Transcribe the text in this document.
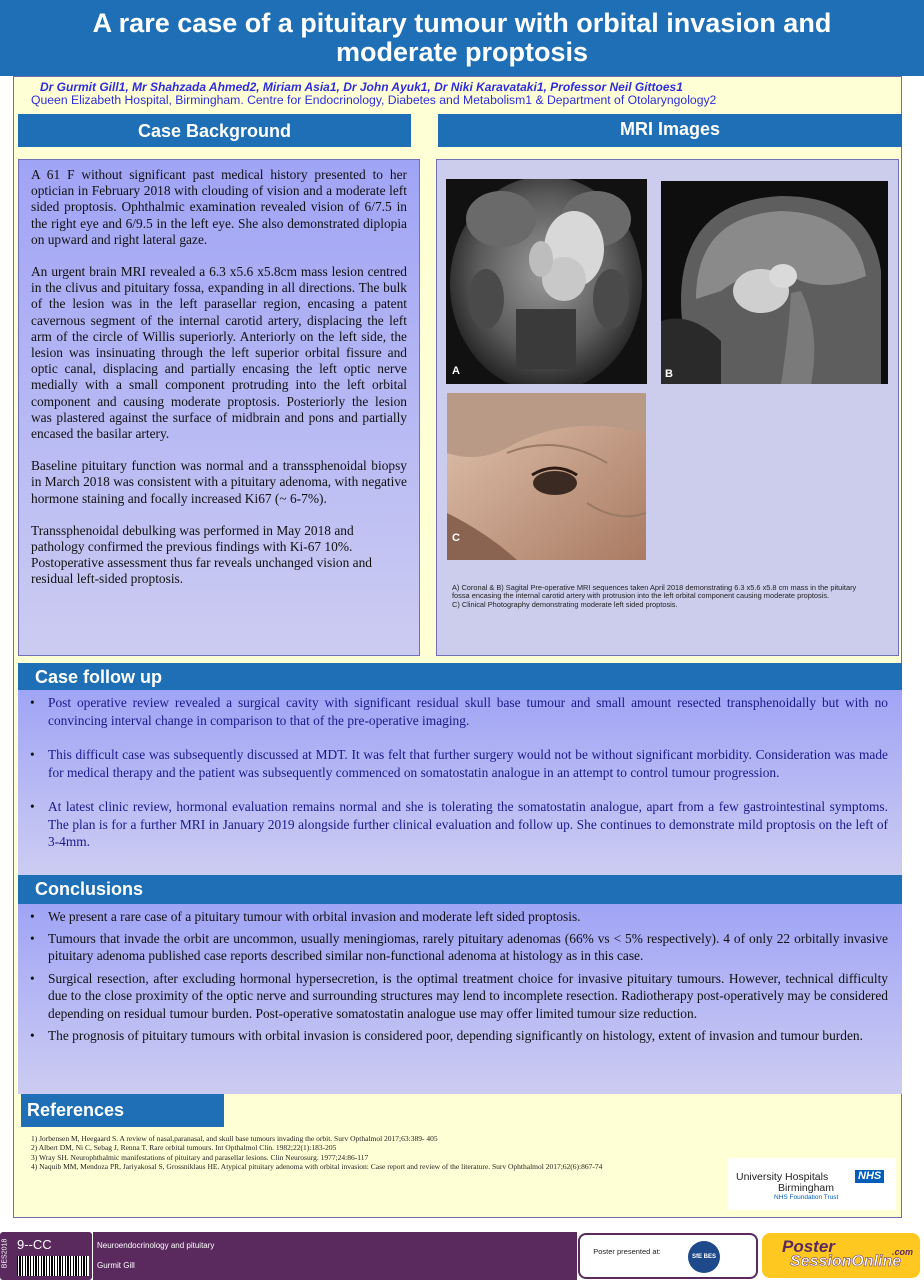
A rare case of a pituitary tumour with orbital invasion and
moderate proptosis
Dr Gurmit Gill1, Mr Shahzada Ahmed2, Miriam Asia1, Dr John Ayuk1, Dr Niki Karavataki1, Professor Neil Gittoes1
Queen Elizabeth Hospital, Birmingham. Centre for Endocrinology, Diabetes and Metabolism1 & Department of Otolaryngology2
Case Background

A 61 F without significant past medical history presented to her optician in February 2018 with clouding of vision and a moderate left sided proptosis. Ophthalmic examination revealed vision of 6/7.5 in the right eye and 6/9.5 in the left eye. She also demonstrated diplopia on upward and right lateral gaze.

An urgent brain MRI revealed a 6.3 x5.6 x5.8cm mass lesion centred in the clivus and pituitary fossa, expanding in all directions. The bulk of the lesion was in the left parasellar region, encasing a patent cavernous segment of the internal carotid artery, displacing the left arm of the circle of Willis superiorly. Anteriorly on the left side, the lesion was insinuating through the left superior orbital fissure and optic canal, displacing and partially encasing the left optic nerve medially with a small component protruding into the left orbital component and causing moderate proptosis. Posteriorly the lesion was plastered against the surface of midbrain and pons and partially encased the basilar artery.

Baseline pituitary function was normal and a transsphenoidal biopsy in March 2018 was consistent with a pituitary adenoma, with negative hormone staining and focally increased Ki67 (~ 6-7%).

Transsphenoidal debulking was performed in May 2018 and pathology confirmed the previous findings with Ki-67 10%. Postoperative assessment thus far reveals unchanged vision and residual left-sided proptosis.

MRI Images
A	B
C
A) Coronal & B) Sagital Pre-operative MRI sequences taken April 2018 demonstrating 6.3 x5.6 x5.8 cm mass in the pituitary fossa encasing the internal carotid artery with protrusion into the left orbital component causing moderate proptosis.
C) Clinical Photography demonstrating moderate left sided proptosis.
Case follow up
• Post operative review revealed a surgical cavity with significant residual skull base tumour and small amount resected transphenoidally but with no convincing interval change in comparison to that of the pre-operative imaging.
• This difficult case was subsequently discussed at MDT. It was felt that further surgery would not be without significant morbidity. Consideration was made for medical therapy and the patient was subsequently commenced on somatostatin analogue in an attempt to control tumour progression.
• At latest clinic review, hormonal evaluation remains normal and she is tolerating the somatostatin analogue, apart from a few gastrointestinal symptoms. The plan is for a further MRI in January 2019 alongside further clinical evaluation and follow up. She continues to demonstrate mild proptosis on the left of 3-4mm.
Conclusions
• We present a rare case of a pituitary tumour with orbital invasion and moderate left sided proptosis.
• Tumours that invade the orbit are uncommon, usually meningiomas, rarely pituitary adenomas (66% vs < 5% respectively). 4 of only 22 orbitally invasive pituitary adenoma published case reports described similar non-functional adenoma at histology as in this case.
• Surgical resection, after excluding hormonal hypersecretion, is the optimal treatment choice for invasive pituitary tumours. However, technical difficulty due to the close proximity of the optic nerve and surrounding structures may lend to incomplete resection. Radiotherapy post-operatively may be considered depending on residual tumour burden. Post-operative somatostatin analogue use may offer limited tumour size reduction.
• The prognosis of pituitary tumours with orbital invasion is considered poor, depending significantly on histology, extent of invasion and tumour burden.
References
1) Jorbensen M, Heegaard S. A review of nasal,paranasal, and skull base tumours invading the orbit. Surv Opthalmol 2017;63:389- 405
2) Albert DM, Ni C, Sebag J, Renna T. Rare orbital tumours. Int Opthalmol Clin. 1982;22(1):183-205
3) Wray SH. Neurophthalmic manifestations of pituitary and parasellar lesions. Clin Neurosurg. 1977;24:86-117
4) Naquib MM, Mendoza PR, Jariyakosal S, Grossniklaus HE. Atypical pituitary adenoma with orbital invasion: Case report and review of the literature. Surv Ophthalmol 2017;62(6):867-74
University Hospitals	NHS
Birmingham
NHS Foundation Trust
BES2018 9--CC	Neuroendocrinology and pituitary
Gurmit Gill
Poster presented at:
SfE BES
Poster
SessionOnline
.com
